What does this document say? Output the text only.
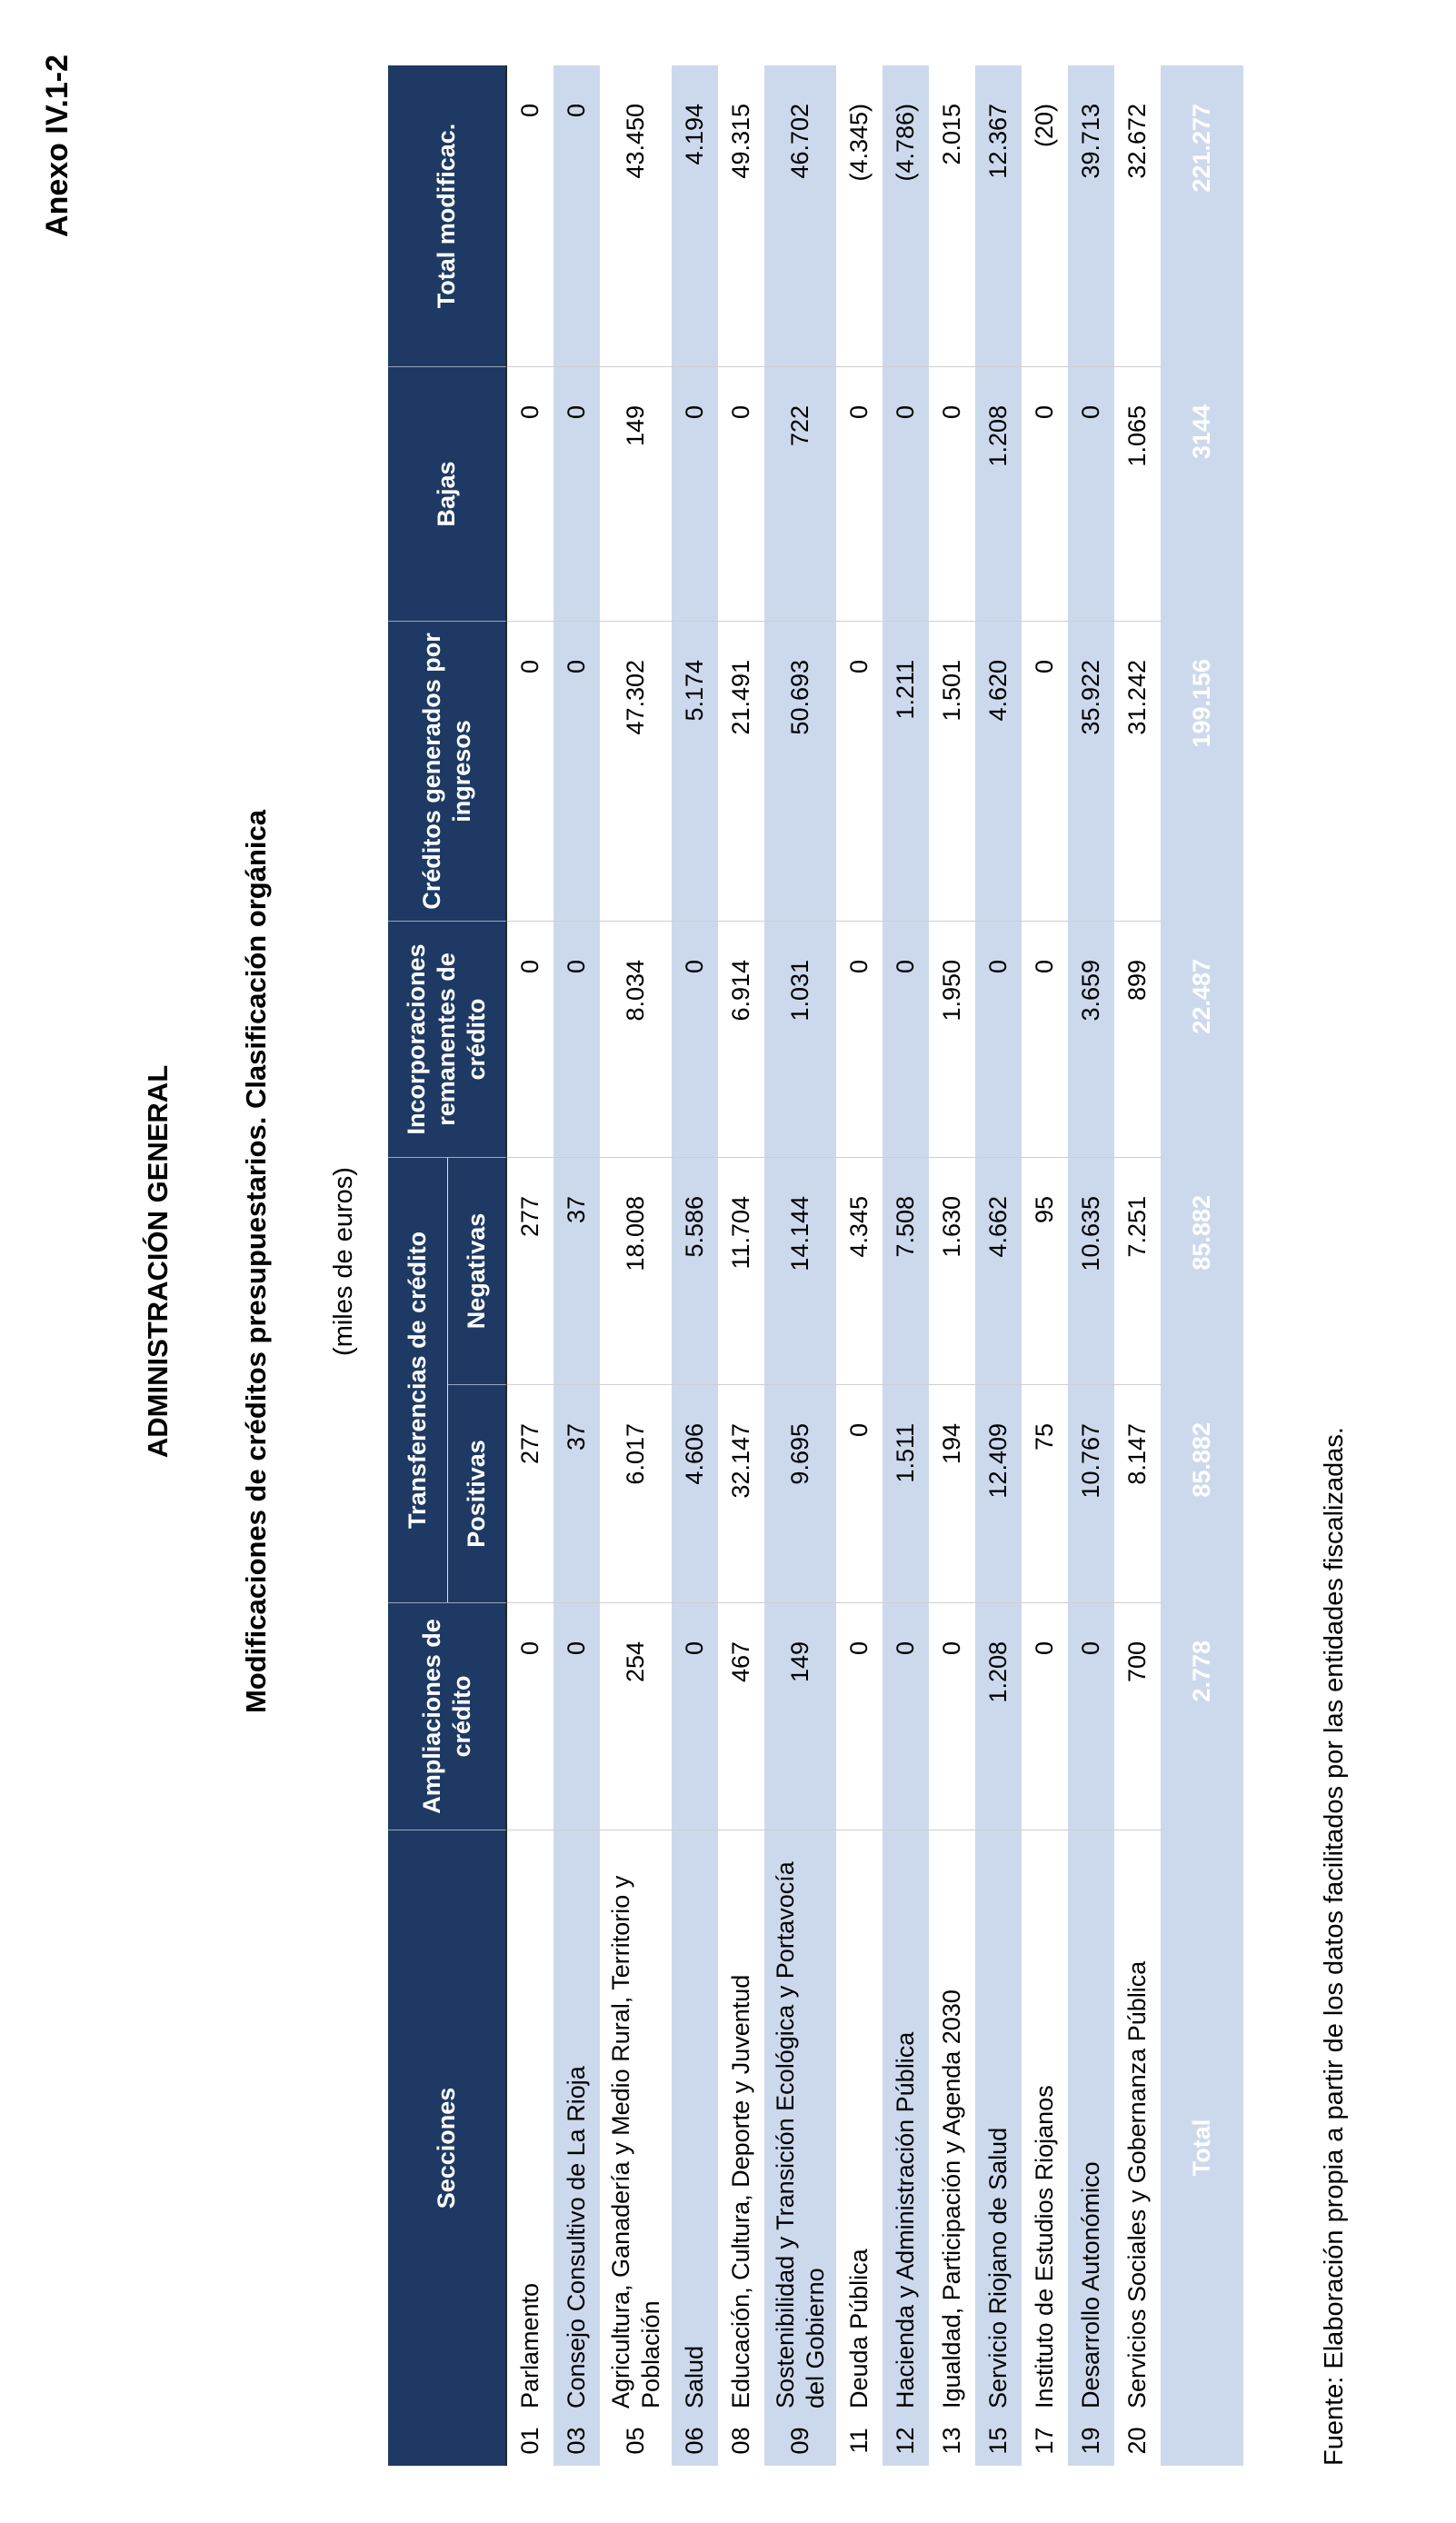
Anexo IV.1-2
ADMINISTRACIÓN GENERAL Modificaciones de créditos presupuestarios. Clasificación orgánica (miles de euros)
Secciones		Ampliaciones de crédito	Transferencias de crédito		Incorporaciones remanentes de crédito	Créditos generados por ingresos	Bajas	Total modificac.
			Positivas	Negativas				
01	Parlamento	0	277	277	0	0	0	0
03	Consejo Consultivo de La Rioja	0	37	37	0	0	0	0
05	Agricultura, Ganadería y Medio Rural, Territorio y Población	254	6.017	18.008	8.034	47.302	149	43.450
06	Salud	0	4.606	5.586	0	5.174	0	4.194
08	Educación, Cultura, Deporte y Juventud	467	32.147	11.704	6.914	21.491	0	49.315
09	Sostenibilidad y Transición Ecológica y Portavocía del Gobierno	149	9.695	14.144	1.031	50.693	722	46.702
11	Deuda Pública	0	0	4.345	0	0	0	(4.345)
12	Hacienda y Administración Pública	0	1.511	7.508	0	1.211	0	(4.786)
13	Igualdad, Participación y Agenda 2030	0	194	1.630	1.950	1.501	0	2.015
15	Servicio Riojano de Salud	1.208	12.409	4.662	0	4.620	1.208	12.367
17	Instituto de Estudios Riojanos	0	75	95	0	0	0	(20)
19	Desarrollo Autonómico	0	10.767	10.635	3.659	35.922	0	39.713
20	Servicios Sociales y Gobernanza Pública	700	8.147	7.251	899	31.242	1.065	32.672
Total		2.778	85.882	85.882	22.487	199.156	3144	221.277
Fuente: Elaboración propia a partir de los datos facilitados por las entidades fiscalizadas.
